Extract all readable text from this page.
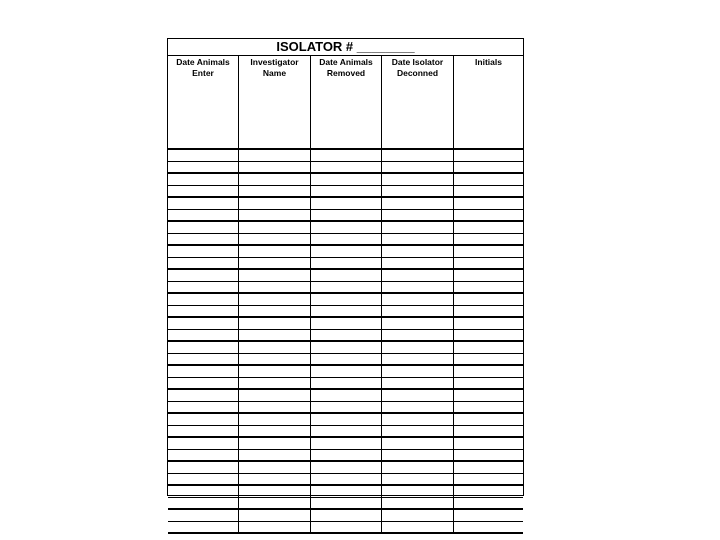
ISOLATOR # ________
Date Animals
Enter
Investigator
Name
Date Animals
Removed
Date Isolator
Deconned
Initials
